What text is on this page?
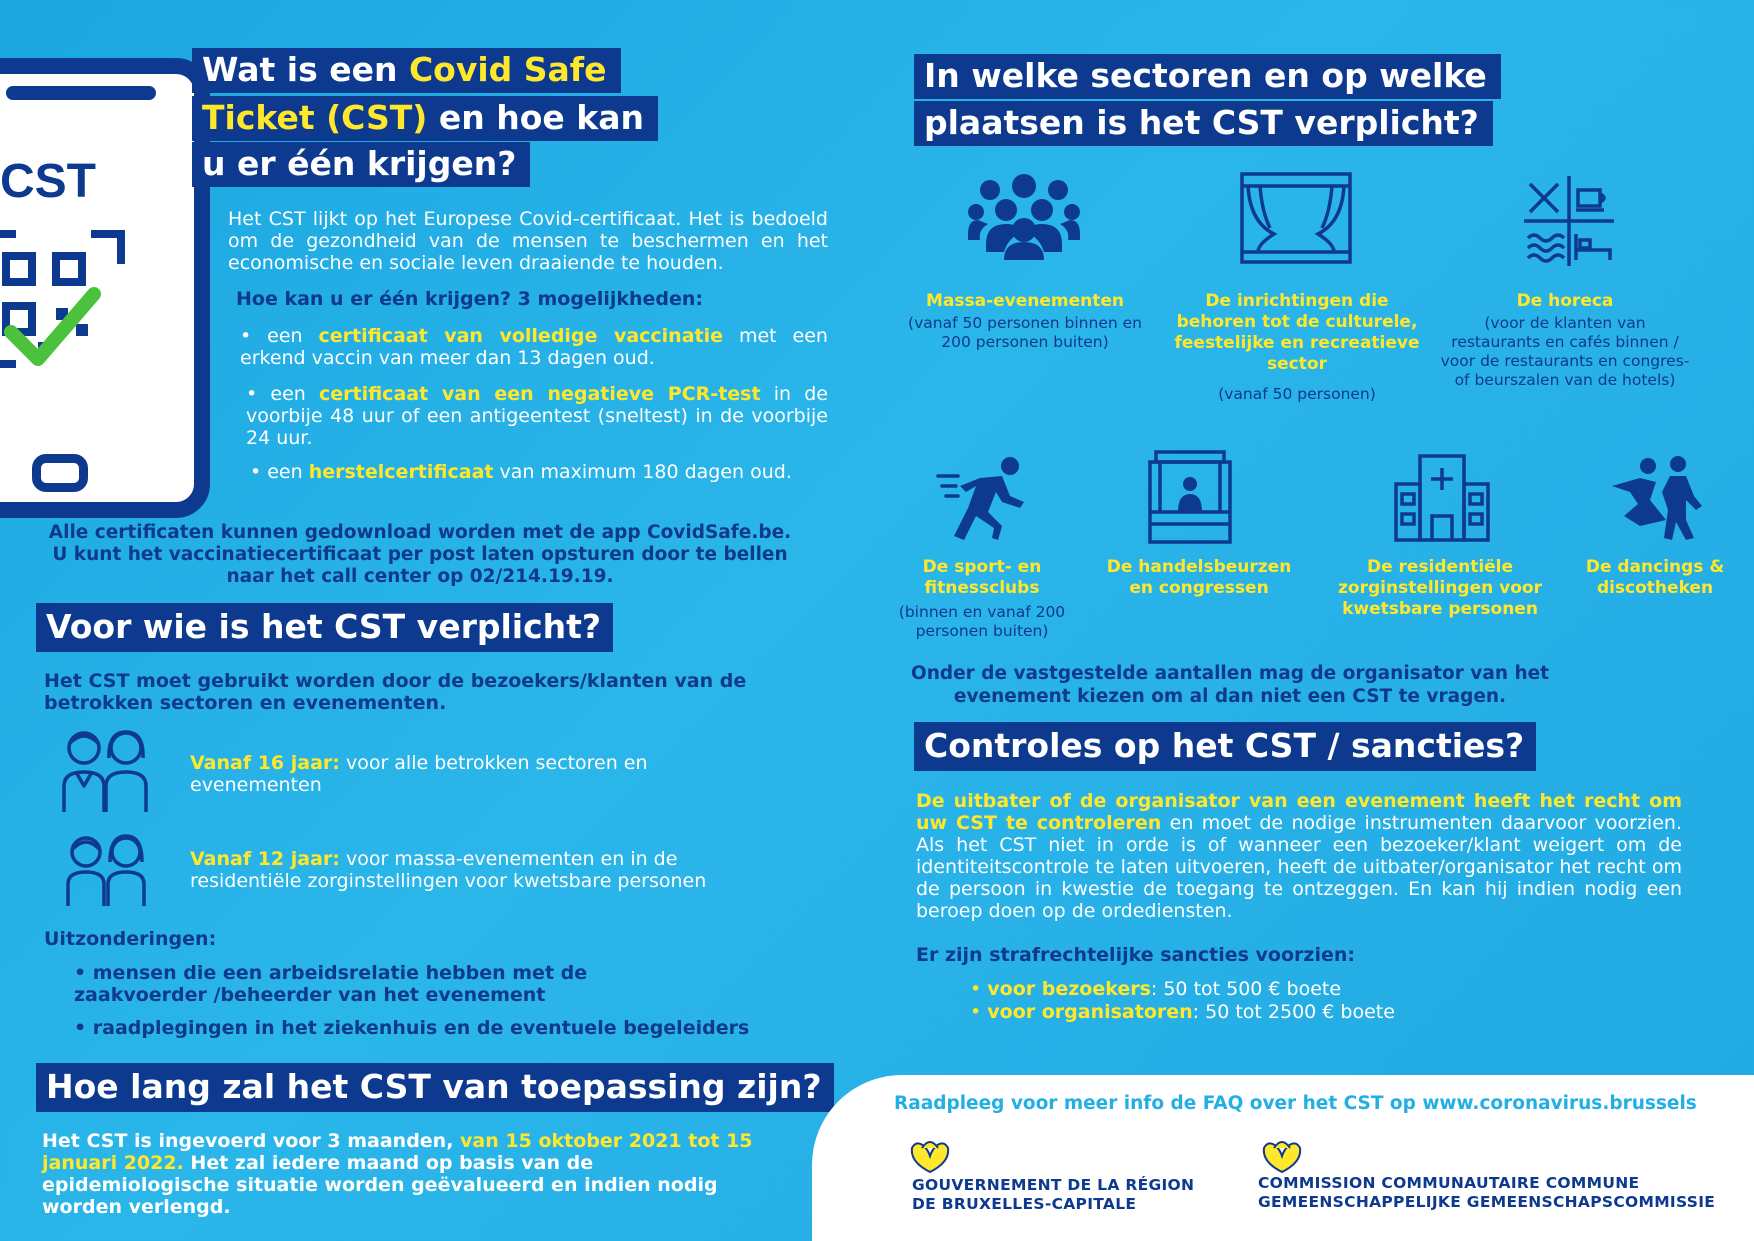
CST
Wat is een Covid Safe
Ticket (CST) en hoe kan
u er één krijgen?
Het CST lijkt op het Europese Covid-certificaat. Het is bedoeld om de gezondheid van de mensen te beschermen en het economische en sociale leven draaiende te houden.
Hoe kan u er één krijgen? 3 mogelijkheden:
• een certificaat van volledige vaccinatie met een erkend vaccin van meer dan 13 dagen oud.
• een certificaat van een negatieve PCR-test in de voorbije 48 uur of een antigeentest (sneltest) in de voorbije 24 uur.
• een herstelcertificaat van maximum 180 dagen oud.
Alle certificaten kunnen gedownload worden met de app CovidSafe.be.
U kunt het vaccinatiecertificaat per post laten opsturen door te bellen
naar het call center op 02/214.19.19.
Voor wie is het CST verplicht?
Het CST moet gebruikt worden door de bezoekers/klanten van de betrokken sectoren en evenementen.
Vanaf 16 jaar: voor alle betrokken sectoren en evenementen
Vanaf 12 jaar: voor massa-evenementen en in de residentiële zorginstellingen voor kwetsbare personen
Uitzonderingen:
• mensen die een arbeidsrelatie hebben met de zaakvoerder /beheerder van het evenement
• raadplegingen in het ziekenhuis en de eventuele begeleiders
Hoe lang zal het CST van toepassing zijn?
Het CST is ingevoerd voor 3 maanden, van 15 oktober 2021 tot 15 januari 2022. Het zal iedere maand op basis van de epidemiologische situatie worden geëvalueerd en indien nodig worden verlengd.
In welke sectoren en op welke
plaatsen is het CST verplicht?
Massa-evenementen
(vanaf 50 personen binnen en 200 personen buiten)
De inrichtingen die behoren tot de culturele, feestelijke en recreatieve sector
(vanaf 50 personen)
De horeca
(voor de klanten van restaurants en cafés binnen / voor de restaurants en congres- of beurszalen van de hotels)
De sport- en fitnessclubs
(binnen en vanaf 200 personen buiten)
De handelsbeurzen en congressen
De residentiële zorginstellingen voor kwetsbare personen
De dancings & discotheken
Onder de vastgestelde aantallen mag de organisator van het evenement kiezen om al dan niet een CST te vragen.
Controles op het CST / sancties?
De uitbater of de organisator van een evenement heeft het recht om uw CST te controleren en moet de nodige instrumenten daarvoor voorzien. Als het CST niet in orde is of wanneer een bezoeker/klant weigert om de identiteitscontrole te laten uitvoeren, heeft de uitbater/organisator het recht om de persoon in kwestie de toegang te ontzeggen. En kan hij indien nodig een beroep doen op de ordediensten.
Er zijn strafrechtelijke sancties voorzien:
• voor bezoekers: 50 tot 500 € boete
• voor organisatoren: 50 tot 2500 € boete
Raadpleeg voor meer info de FAQ over het CST op www.coronavirus.brussels
GOUVERNEMENT DE LA RÉGION
DE BRUXELLES-CAPITALE
COMMISSION COMMUNAUTAIRE COMMUNE
GEMEENSCHAPPELIJKE GEMEENSCHAPSCOMMISSIE
